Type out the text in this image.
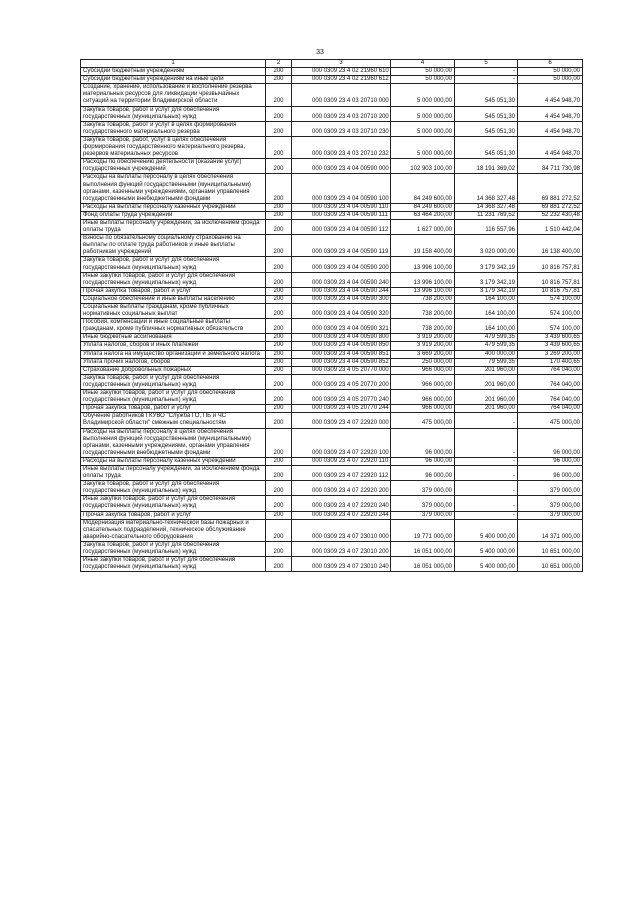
33
1	2	3	4	5	6
Субсидии бюджетным учреждениям	200	000 0309 23 4 02 21960 610	50 000,00	-	50 000,00
Субсидии бюджетным учреждениям на иные цели	200	000 0309 23 4 02 21960 612	50 000,00	-	50 000,00
Создание, хранение, использование и восполнение резерва материальных ресурсов для ликвидации чрезвычайных ситуаций на территории Владимирской области	200	000 0309 23 4 03 20710 000	5 000 000,00	545 051,30	4 454 948,70
Закупка товаров, работ и услуг для обеспечения государственных (муниципальных) нужд	200	000 0309 23 4 03 20710 200	5 000 000,00	545 051,30	4 454 948,70
Закупка товаров, работ и услуг в целях формирования государственного материального резерва	200	000 0309 23 4 03 20710 230	5 000 000,00	545 051,30	4 454 948,70
Закупка товаров, работ, услуг в целях обеспечения формирования государственного материального резерва, резервов материальных ресурсов	200	000 0309 23 4 03 20710 232	5 000 000,00	545 051,30	4 454 948,70
Расходы по обеспечению деятельности (оказание услуг) государственных учреждений	200	000 0309 23 4 04 00590 000	102 903 100,00	18 191 369,02	84 711 730,98
Расходы на выплаты персоналу в целях обеспечения выполнения функций государственными (муниципальными) органами, казенными учреждениями, органами управления государственными внебюджетными фондами	200	000 0309 23 4 04 00590 100	84 249 600,00	14 368 327,48	69 881 272,52
Расходы на выплаты персоналу казенных учреждений	200	000 0309 23 4 04 00590 110	84 249 600,00	14 368 327,48	69 881 272,52
Фонд оплаты труда учреждений	200	000 0309 23 4 04 00590 111	63 464 200,00	11 231 769,52	52 232 430,48
Иные выплаты персоналу учреждений, за исключением фонда оплаты труда	200	000 0309 23 4 04 00590 112	1 627 000,00	116 557,96	1 510 442,04
Взносы по обязательному социальному страхованию на выплаты по оплате труда работников и иные выплаты работникам учреждений	200	000 0309 23 4 04 00590 119	19 158 400,00	3 020 000,00	16 138 400,00
Закупка товаров, работ и услуг для обеспечения государственных (муниципальных) нужд	200	000 0309 23 4 04 00590 200	13 996 100,00	3 179 342,19	10 816 757,81
Иные закупки товаров, работ и услуг для обеспечения государственных (муниципальных) нужд	200	000 0309 23 4 04 00590 240	13 996 100,00	3 179 342,19	10 816 757,81
Прочая закупка товаров, работ и услуг	200	000 0309 23 4 04 00590 244	13 996 100,00	3 179 342,19	10 816 757,81
Социальное обеспечение и иные выплаты населению	200	000 0309 23 4 04 00590 300	738 200,00	164 100,00	574 100,00
Социальные выплаты гражданам, кроме публичных нормативных социальных выплат	200	000 0309 23 4 04 00590 320	738 200,00	164 100,00	574 100,00
Пособия, компенсации и иные социальные выплаты гражданам, кроме публичных нормативных обязательств	200	000 0309 23 4 04 00590 321	738 200,00	164 100,00	574 100,00
Иные бюджетные ассигнования	200	000 0309 23 4 04 00590 800	3 919 200,00	479 599,35	3 439 600,65
Уплата налогов, сборов и иных платежей	200	000 0309 23 4 04 00590 850	3 919 200,00	479 599,35	3 439 600,65
Уплата налога на имущество организаций и земельного налога	200	000 0309 23 4 04 00590 851	3 669 200,00	400 000,00	3 269 200,00
Уплата прочих налогов, сборов	200	000 0309 23 4 04 00590 852	250 000,00	79 599,35	170 400,65
Страхование добровольных пожарных	200	000 0309 23 4 05 20770 000	966 000,00	201 960,00	764 040,00
Закупка товаров, работ и услуг для обеспечения государственных (муниципальных) нужд	200	000 0309 23 4 05 20770 200	966 000,00	201 960,00	764 040,00
Иные закупки товаров, работ и услуг для обеспечения государственных (муниципальных) нужд	200	000 0309 23 4 05 20770 240	966 000,00	201 960,00	764 040,00
Прочая закупка товаров, работ и услуг	200	000 0309 23 4 05 20770 244	966 000,00	201 960,00	764 040,00
Обучение работников ГКУВО "Служба ГО, ПБ и ЧС Владимирской области" смежным специальностям	200	000 0309 23 4 07 22920 000	475 000,00	-	475 000,00
Расходы на выплаты персоналу в целях обеспечения выполнения функций государственными (муниципальными) органами, казенными учреждениями, органами управления государственными внебюджетными фондами	200	000 0309 23 4 07 22920 100	96 000,00	-	96 000,00
Расходы на выплаты персоналу казенных учреждений	200	000 0309 23 4 07 22920 110	96 000,00	-	96 000,00
Иные выплаты персоналу учреждений, за исключением фонда оплаты труда	200	000 0309 23 4 07 22920 112	96 000,00	-	96 000,00
Закупка товаров, работ и услуг для обеспечения государственных (муниципальных) нужд	200	000 0309 23 4 07 22920 200	379 000,00	-	379 000,00
Иные закупки товаров, работ и услуг для обеспечения государственных (муниципальных) нужд	200	000 0309 23 4 07 22920 240	379 000,00	-	379 000,00
Прочая закупка товаров, работ и услуг	200	000 0309 23 4 07 22920 244	379 000,00	-	379 000,00
Модернизация материально-технической базы пожарных и спасательных подразделений, техническое обслуживание аварийно-спасательного оборудования	200	000 0309 23 4 07 23010 000	19 771 000,00	5 400 000,00	14 371 000,00
Закупка товаров, работ и услуг для обеспечения государственных (муниципальных) нужд	200	000 0309 23 4 07 23010 200	16 051 000,00	5 400 000,00	10 651 000,00
Иные закупки товаров, работ и услуг для обеспечения государственных (муниципальных) нужд	200	000 0309 23 4 07 23010 240	16 051 000,00	5 400 000,00	10 651 000,00
